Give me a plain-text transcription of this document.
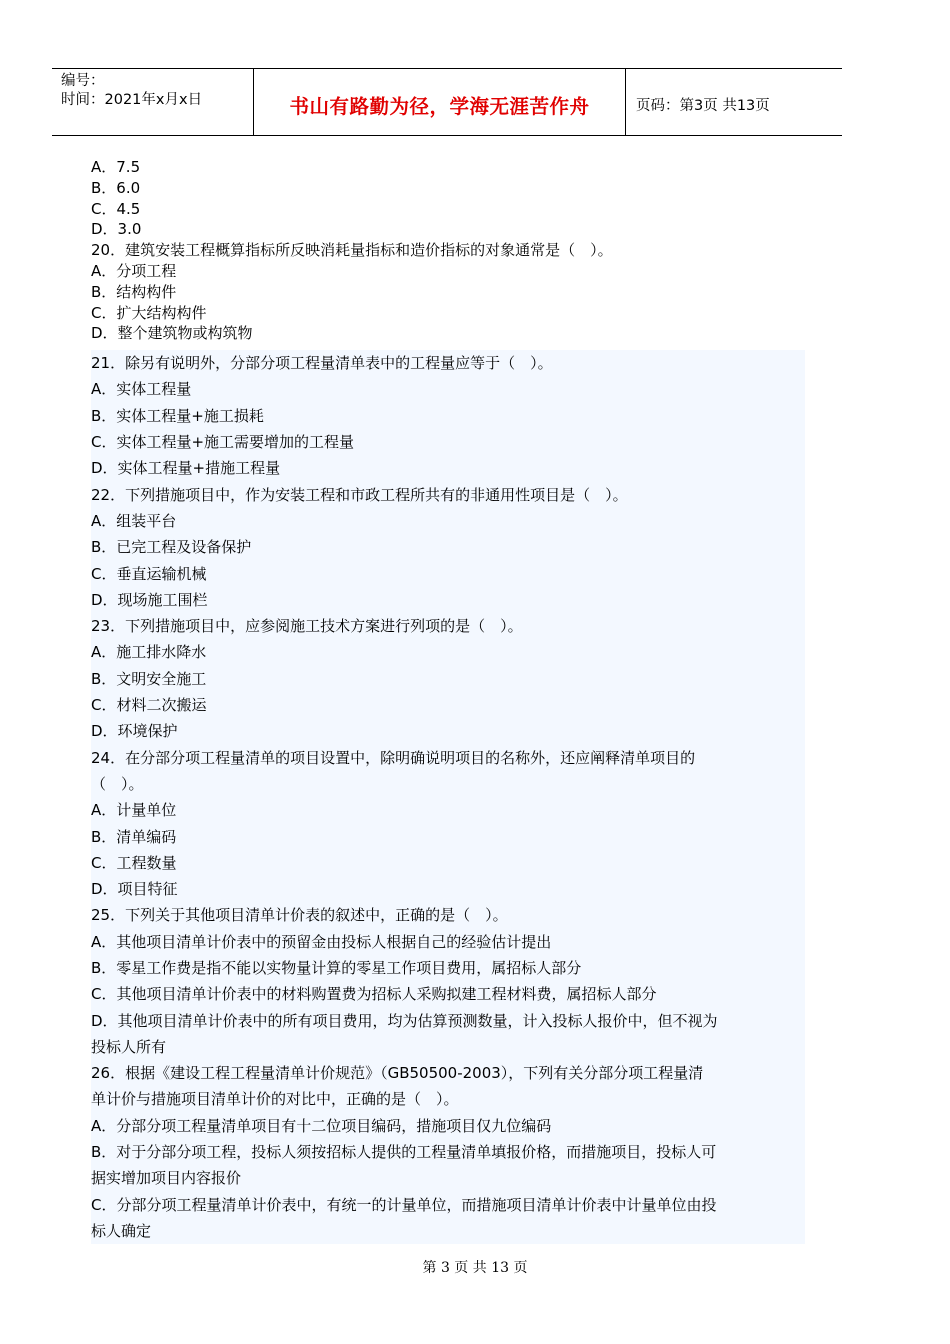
编号：
时间：2021年x月x日	书山有路勤为径，学海无涯苦作舟	页码：第3页 共13页
A．7.5
B．6.0
C．4.5
D．3.0
20．建筑安装工程概算指标所反映消耗量指标和造价指标的对象通常是（　）。
A．分项工程
B．结构构件
C．扩大结构构件
D．整个建筑物或构筑物
21．除另有说明外，分部分项工程量清单表中的工程量应等于（　）。
A．实体工程量
B．实体工程量+施工损耗
C．实体工程量+施工需要增加的工程量
D．实体工程量+措施工程量
22．下列措施项目中，作为安装工程和市政工程所共有的非通用性项目是（　）。
A．组装平台
B．已完工程及设备保护
C．垂直运输机械
D．现场施工围栏
23．下列措施项目中，应参阅施工技术方案进行列项的是（　）。
A．施工排水降水
B．文明安全施工
C．材料二次搬运
D．环境保护
24．在分部分项工程量清单的项目设置中，除明确说明项目的名称外，还应阐释清单项目的
（　）。
A．计量单位
B．清单编码
C．工程数量
D．项目特征
25．下列关于其他项目清单计价表的叙述中，正确的是（　）。
A．其他项目清单计价表中的预留金由投标人根据自己的经验估计提出
B．零星工作费是指不能以实物量计算的零星工作项目费用，属招标人部分
C．其他项目清单计价表中的材料购置费为招标人采购拟建工程材料费，属招标人部分
D．其他项目清单计价表中的所有项目费用，均为估算预测数量，计入投标人报价中，但不视为
投标人所有
26．根据《建设工程工程量清单计价规范》（GB50500-2003），下列有关分部分项工程量清
单计价与措施项目清单计价的对比中，正确的是（　）。
A．分部分项工程量清单项目有十二位项目编码，措施项目仅九位编码
B．对于分部分项工程，投标人须按招标人提供的工程量清单填报价格，而措施项目，投标人可
据实增加项目内容报价
C．分部分项工程量清单计价表中，有统一的计量单位，而措施项目清单计价表中计量单位由投
标人确定
第 3 页 共 13 页
